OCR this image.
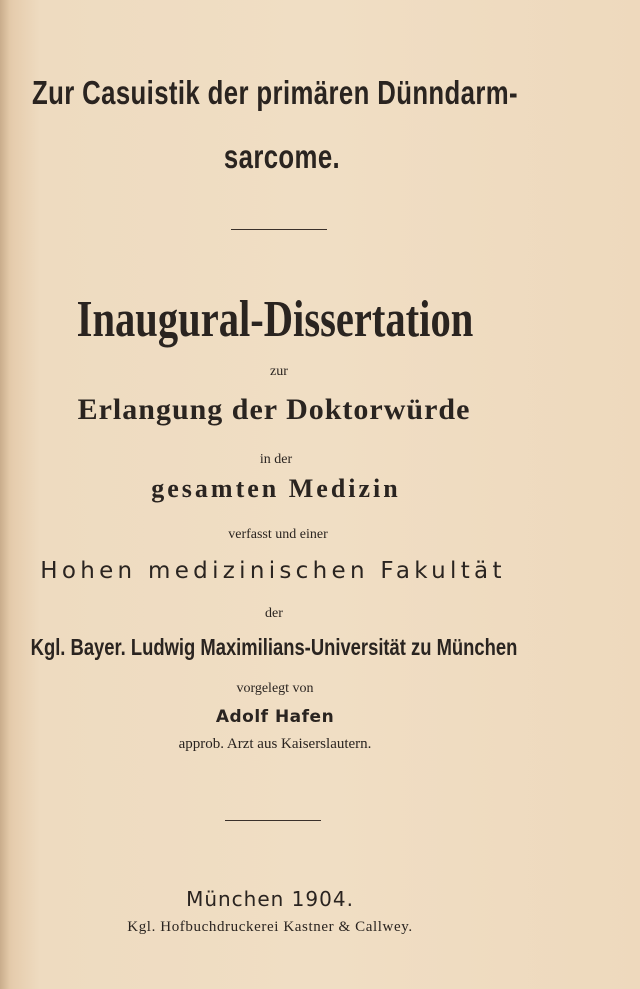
Zur Casuistik der primären Dünndarm-
sarcome.
Inaugural-Dissertation

zur

Erlangung der Doktorwürde

in der

gesamten Medizin

verfasst und einer

Hohen medizinischen Fakultät

der

Kgl. Bayer. Ludwig Maximilians-Universität zu München

vorgelegt von

Adolf Hafen

approb. Arzt aus Kaiserslautern.

München 1904.

Kgl. Hofbuchdruckerei Kastner & Callwey.
